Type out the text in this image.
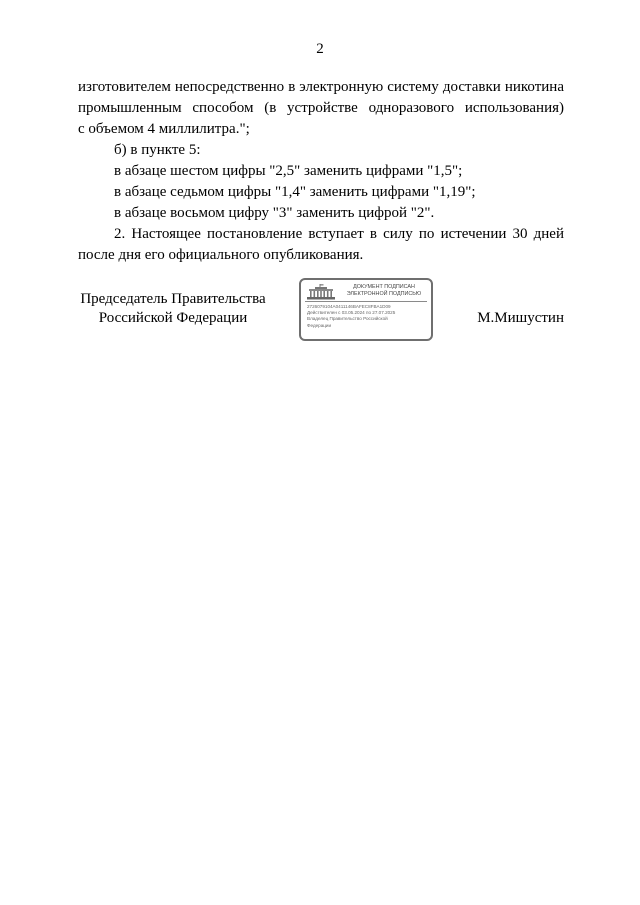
2
изготовителем непосредственно в электронную систему доставки никотина
промышленным способом (в устройстве одноразового использования)
с объемом 4 миллилитра.";
б) в пункте 5:
в абзаце шестом цифры "2,5" заменить цифрами "1,5";
в абзаце седьмом цифры "1,4" заменить цифрами "1,19";
в абзаце восьмом цифру "3" заменить цифрой "2".
2. Настоящее постановление вступает в силу по истечении 30 дней
после дня его официального опубликования.
Председатель Правительства
Российской Федерации
ДОКУМЕНТ ПОДПИСАН
ЭЛЕКТРОННОЙ ПОДПИСЬЮ
2726079104A0411146BAFEC8FBA1D09
Действителен с 03.05.2024 по 27.07.2025
Владелец Правительство Российской
Федерации	М.Мишустин
